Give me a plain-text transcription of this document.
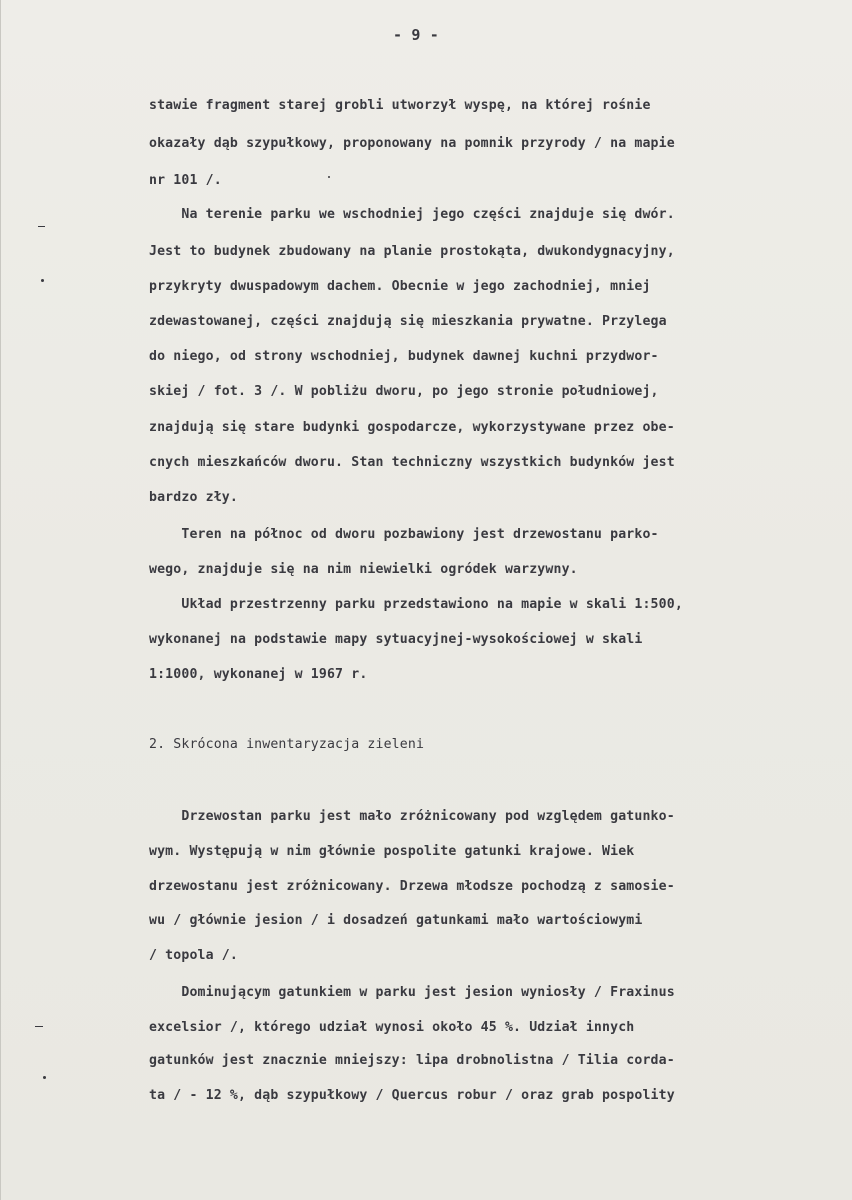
- 9 -
stawie fragment starej grobli utworzył wyspę, na której rośnie
okazały dąb szypułkowy, proponowany na pomnik przyrody / na mapie
nr 101 /.
Na terenie parku we wschodniej jego części znajduje się dwór.
Jest to budynek zbudowany na planie prostokąta, dwukondygnacyjny,
przykryty dwuspadowym dachem. Obecnie w jego zachodniej, mniej
zdewastowanej, części znajdują się mieszkania prywatne. Przylega
do niego, od strony wschodniej, budynek dawnej kuchni przydwor-
skiej / fot. 3 /. W pobliżu dworu, po jego stronie południowej,
znajdują się stare budynki gospodarcze, wykorzystywane przez obe-
cnych mieszkańców dworu. Stan techniczny wszystkich budynków jest
bardzo zły.
Teren na północ od dworu pozbawiony jest drzewostanu parko-
wego, znajduje się na nim niewielki ogródek warzywny.
Układ przestrzenny parku przedstawiono na mapie w skali 1:500,
wykonanej na podstawie mapy sytuacyjnej-wysokościowej w skali
1:1000, wykonanej w 1967 r.
2. Skrócona inwentaryzacja zieleni
Drzewostan parku jest mało zróżnicowany pod względem gatunko-
wym. Występują w nim głównie pospolite gatunki krajowe. Wiek
drzewostanu jest zróżnicowany. Drzewa młodsze pochodzą z samosie-
wu / głównie jesion / i dosadzeń gatunkami mało wartościowymi
/ topola /.
Dominującym gatunkiem w parku jest jesion wyniosły / Fraxinus
excelsior /, którego udział wynosi około 45 %. Udział innych
gatunków jest znacznie mniejszy: lipa drobnolistna / Tilia corda-
ta / - 12 %, dąb szypułkowy / Quercus robur / oraz grab pospolity
